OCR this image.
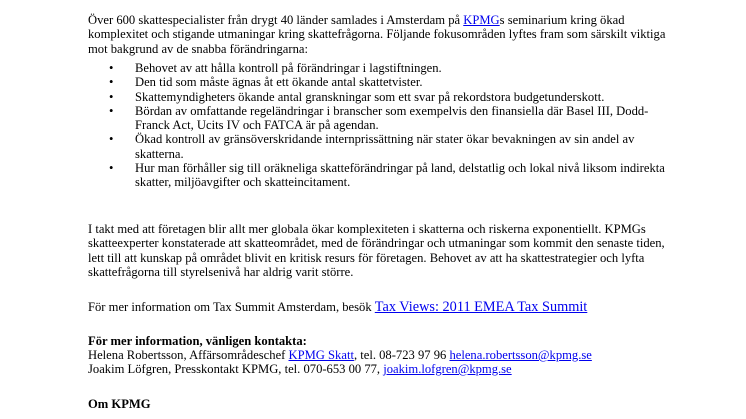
Över 600 skattespecialister från drygt 40 länder samlades i Amsterdam på KPMGs seminarium kring ökad komplexitet och stigande utmaningar kring skattefrågorna. Följande fokusområden lyftes fram som särskilt viktiga mot bakgrund av de snabba förändringarna:

• Behovet av att hålla kontroll på förändringar i lagstiftningen.
• Den tid som måste ägnas åt ett ökande antal skattetvister.
• Skattemyndigheters ökande antal granskningar som ett svar på rekordstora budgetunderskott.
• Bördan av omfattande regeländringar i branscher som exempelvis den finansiella där Basel III, Dodd-Franck Act, Ucits IV och FATCA är på agendan.
• Ökad kontroll av gränsöverskridande internprissättning när stater ökar bevakningen av sin andel av skatterna.
• Hur man förhåller sig till oräkneliga skatteförändringar på land, delstatlig och lokal nivå liksom indirekta skatter, miljöavgifter och skatteincitament.

I takt med att företagen blir allt mer globala ökar komplexiteten i skatterna och riskerna exponentiellt. KPMGs skatteexperter konstaterade att skatteområdet, med de förändringar och utmaningar som kommit den senaste tiden, lett till att kunskap på området blivit en kritisk resurs för företagen. Behovet av att ha skattestrategier och lyfta skattefrågorna till styrelsenivå har aldrig varit större.

För mer information om Tax Summit Amsterdam, besök Tax Views: 2011 EMEA Tax Summit

För mer information, vänligen kontakta:

Helena Robertsson, Affärsområdeschef KPMG Skatt, tel. 08-723 97 96 helena.robertsson@kpmg.se

Joakim Löfgren, Presskontakt KPMG, tel. 070-653 00 77, joakim.lofgren@kpmg.se

Om KPMG
